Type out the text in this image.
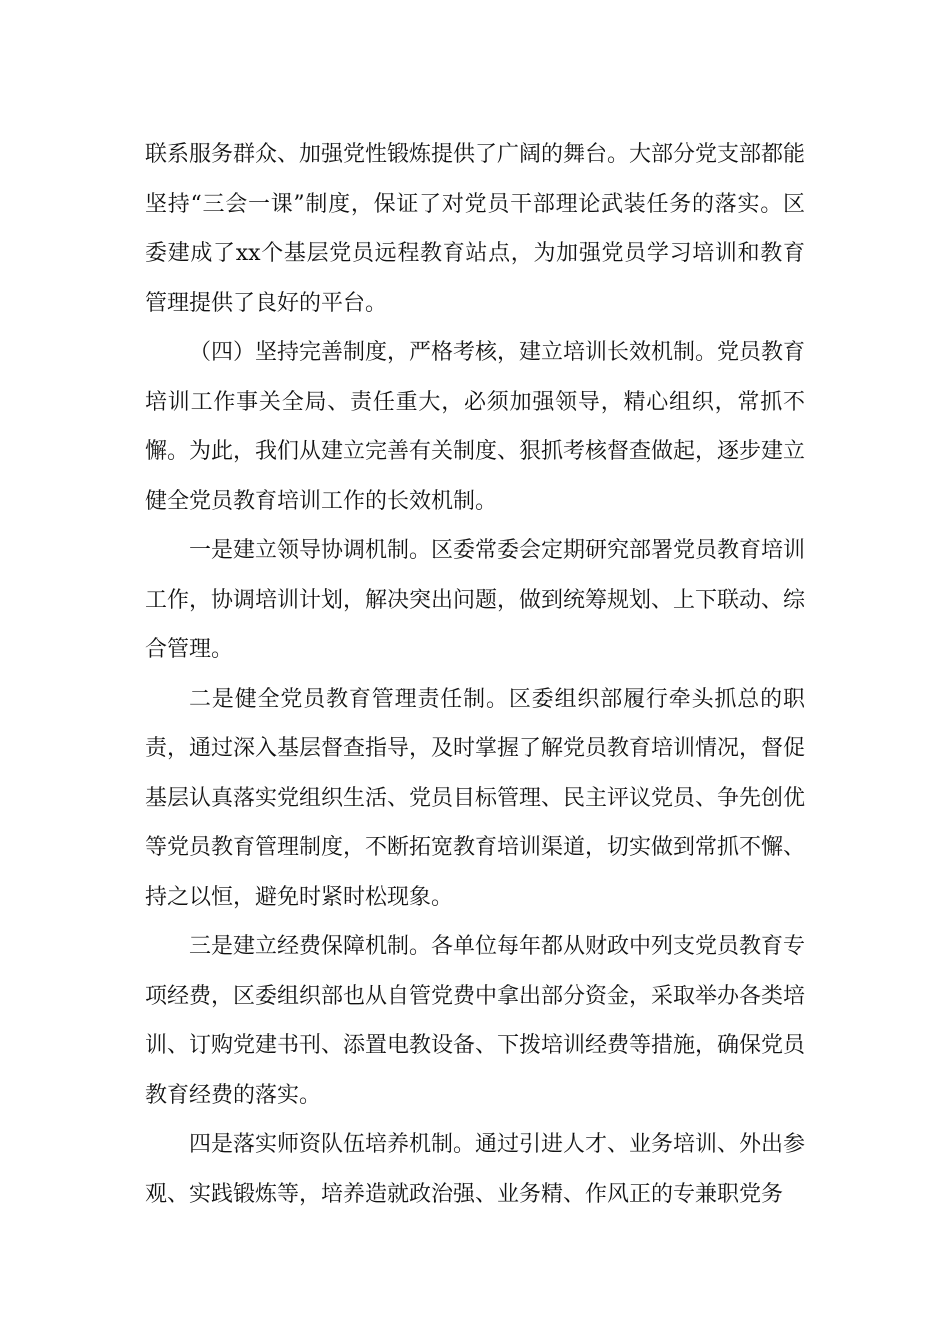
联系服务群众、加强党性锻炼提供了广阔的舞台。大部分党支部都能坚持“三会一课”制度，保证了对党员干部理论武装任务的落实。区委建成了xx个基层党员远程教育站点，为加强党员学习培训和教育管理提供了良好的平台。

（四）坚持完善制度，严格考核，建立培训长效机制。党员教育培训工作事关全局、责任重大，必须加强领导，精心组织，常抓不懈。为此，我们从建立完善有关制度、狠抓考核督查做起，逐步建立健全党员教育培训工作的长效机制。

一是建立领导协调机制。区委常委会定期研究部署党员教育培训工作，协调培训计划，解决突出问题，做到统筹规划、上下联动、综合管理。

二是健全党员教育管理责任制。区委组织部履行牵头抓总的职责，通过深入基层督查指导，及时掌握了解党员教育培训情况，督促基层认真落实党组织生活、党员目标管理、民主评议党员、争先创优等党员教育管理制度，不断拓宽教育培训渠道，切实做到常抓不懈、持之以恒，避免时紧时松现象。

三是建立经费保障机制。各单位每年都从财政中列支党员教育专项经费，区委组织部也从自管党费中拿出部分资金，采取举办各类培训、订购党建书刊、添置电教设备、下拨培训经费等措施，确保党员教育经费的落实。

四是落实师资队伍培养机制。通过引进人才、业务培训、外出参观、实践锻炼等，培养造就政治强、业务精、作风正的专兼职党务
